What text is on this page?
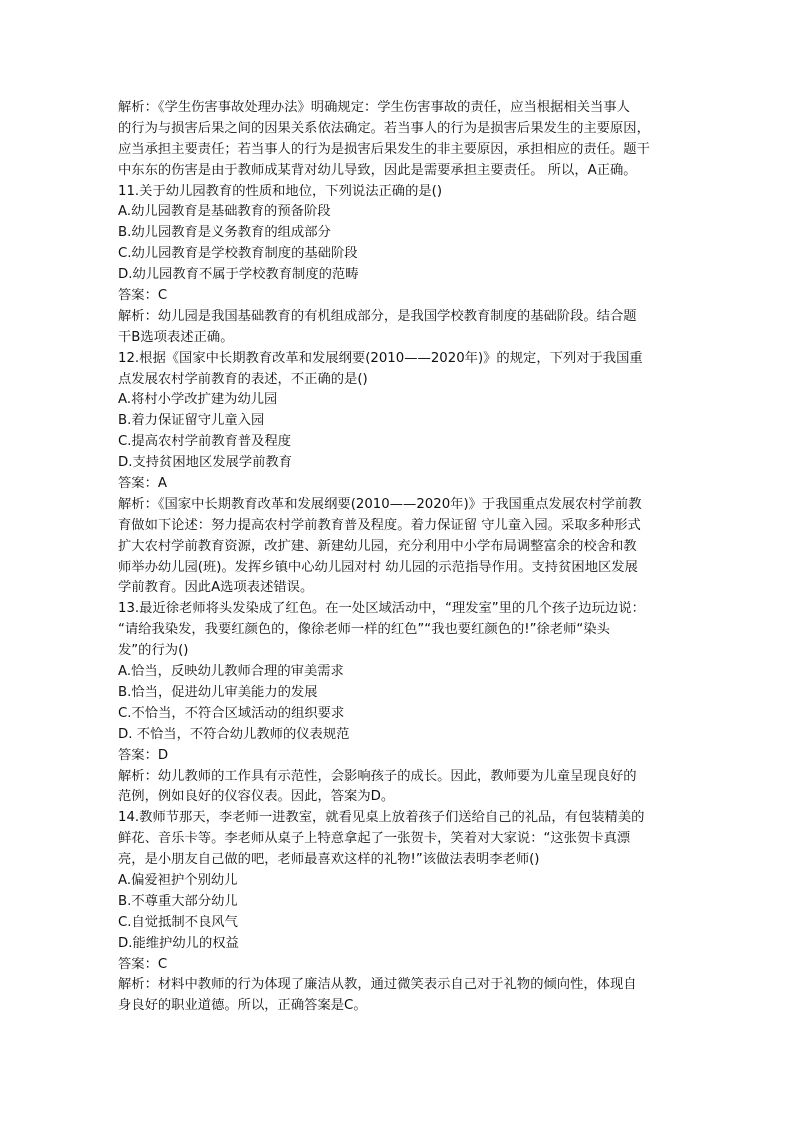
解析：《学生伤害事故处理办法》明确规定：学生伤害事故的责任，应当根据相关当事人
的行为与损害后果之间的因果关系依法确定。若当事人的行为是损害后果发生的主要原因，
应当承担主要责任；若当事人的行为是损害后果发生的非主要原因，承担相应的责任。题干
中东东的伤害是由于教师成某背对幼儿导致，因此是需要承担主要责任。 所以，A正确。
11.关于幼儿园教育的性质和地位，下列说法正确的是()
A.幼儿园教育是基础教育的预备阶段
B.幼儿园教育是义务教育的组成部分
C.幼儿园教育是学校教育制度的基础阶段
D.幼儿园教育不属于学校教育制度的范畴
答案：C
解析：幼儿园是我国基础教育的有机组成部分，是我国学校教育制度的基础阶段。结合题
干B选项表述正确。
12.根据《国家中长期教育改革和发展纲要(2010——2020年)》的规定，下列对于我国重
点发展农村学前教育的表述，不正确的是()
A.将村小学改扩建为幼儿园
B.着力保证留守儿童入园
C.提高农村学前教育普及程度
D.支持贫困地区发展学前教育
答案：A
解析：《国家中长期教育改革和发展纲要(2010——2020年)》于我国重点发展农村学前教
育做如下论述：努力提高农村学前教育普及程度。着力保证留 守儿童入园。采取多种形式
扩大农村学前教育资源，改扩建、新建幼儿园，充分利用中小学布局调整富余的校舍和教
师举办幼儿园(班)。发挥乡镇中心幼儿园对村 幼儿园的示范指导作用。支持贫困地区发展
学前教育。因此A选项表述错误。
13.最近徐老师将头发染成了红色。在一处区域活动中，“理发室”里的几个孩子边玩边说：
“请给我染发，我要红颜色的，像徐老师一样的红色”“我也要红颜色的!”徐老师“染头
发”的行为()
A.恰当，反映幼儿教师合理的审美需求
B.恰当，促进幼儿审美能力的发展
C.不恰当，不符合区域活动的组织要求
D. 不恰当，不符合幼儿教师的仪表规范
答案：D
解析：幼儿教师的工作具有示范性，会影响孩子的成长。因此，教师要为儿童呈现良好的
范例，例如良好的仪容仪表。因此，答案为D。
14.教师节那天，李老师一进教室，就看见桌上放着孩子们送给自己的礼品，有包装精美的
鲜花、音乐卡等。李老师从桌子上特意拿起了一张贺卡，笑着对大家说：“这张贺卡真漂
亮，是小朋友自己做的吧，老师最喜欢这样的礼物!”该做法表明李老师()
A.偏爱袒护个别幼儿
B.不尊重大部分幼儿
C.自觉抵制不良风气
D.能维护幼儿的权益
答案：C
解析：材料中教师的行为体现了廉洁从教，通过微笑表示自己对于礼物的倾向性，体现自
身良好的职业道德。所以，正确答案是C。
